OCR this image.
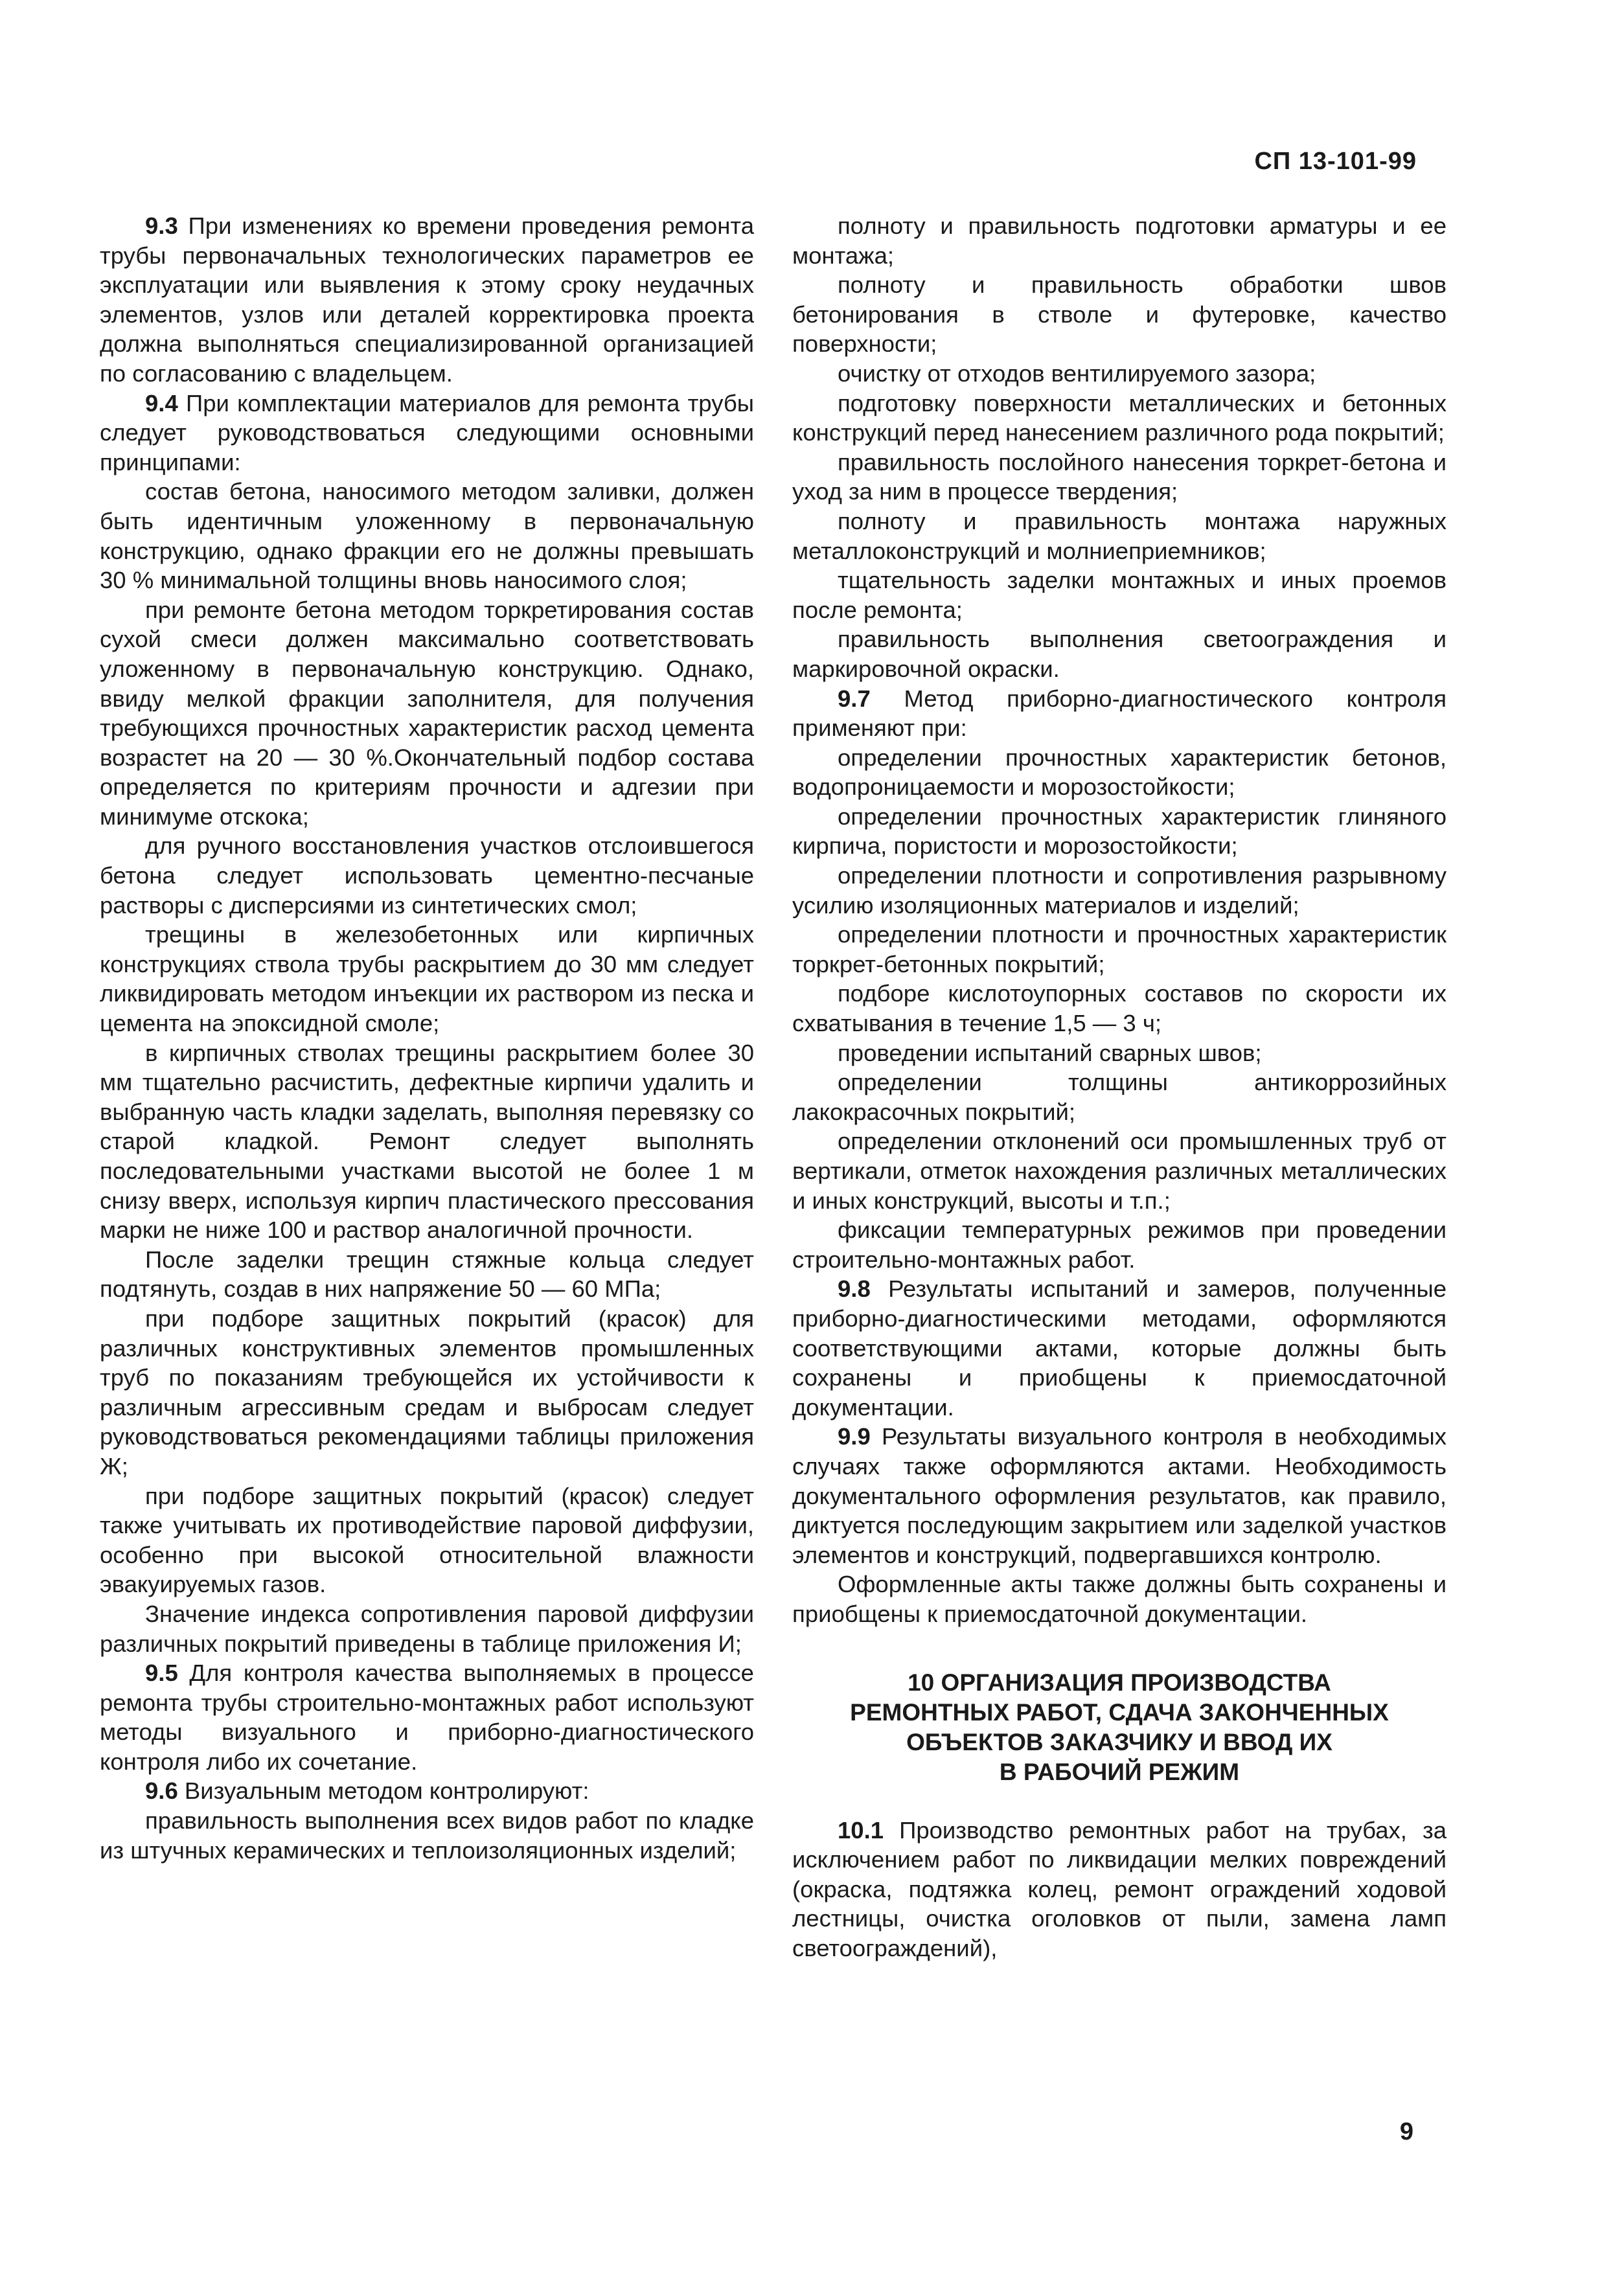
СП 13-101-99

9.3 При изменениях ко времени проведения ремонта трубы первоначальных технологических параметров ее эксплуатации или выявления к этому сроку неудачных элементов, узлов или деталей корректировка проекта должна выполняться специализированной организацией по согласованию с владельцем.

9.4 При комплектации материалов для ремонта трубы следует руководствоваться следующими основными принципами:

состав бетона, наносимого методом заливки, должен быть идентичным уложенному в первоначальную конструкцию, однако фракции его не должны превышать 30 % минимальной толщины вновь наносимого слоя;

при ремонте бетона методом торкретирования состав сухой смеси должен максимально соответствовать уложенному в первоначальную конструкцию. Однако, ввиду мелкой фракции заполнителя, для получения требующихся прочностных характеристик расход цемента возрастет на 20 — 30 %.Окончательный подбор состава определяется по критериям прочности и адгезии при минимуме отскока;

для ручного восстановления участков отслоившегося бетона следует использовать цементно-песчаные растворы с дисперсиями из синтетических смол;

трещины в железобетонных или кирпичных конструкциях ствола трубы раскрытием до 30 мм следует ликвидировать методом инъекции их раствором из песка и цемента на эпоксидной смоле;

в кирпичных стволах трещины раскрытием более 30 мм тщательно расчистить, дефектные кирпичи удалить и выбранную часть кладки заделать, выполняя перевязку со старой кладкой. Ремонт следует выполнять последовательными участками высотой не более 1 м снизу вверх, используя кирпич пластического прессования марки не ниже 100 и раствор аналогичной прочности.

После заделки трещин стяжные кольца следует подтянуть, создав в них напряжение 50 — 60 МПа;

при подборе защитных покрытий (красок) для различных конструктивных элементов промышленных труб по показаниям требующейся их устойчивости к различным агрессивным средам и выбросам следует руководствоваться рекомендациями таблицы приложения Ж;

при подборе защитных покрытий (красок) следует также учитывать их противодействие паровой диффузии, особенно при высокой относительной влажности эвакуируемых газов.

Значение индекса сопротивления паровой диффузии различных покрытий приведены в таблице приложения И;

9.5 Для контроля качества выполняемых в процессе ремонта трубы строительно-монтажных работ используют методы визуального и приборно-диагностического контроля либо их сочетание.

9.6 Визуальным методом контролируют:

правильность выполнения всех видов работ по кладке из штучных керамических и теплоизоляционных изделий;

полноту и правильность подготовки арматуры и ее монтажа;

полноту и правильность обработки швов бетонирования в стволе и футеровке, качество поверхности;

очистку от отходов вентилируемого зазора;

подготовку поверхности металлических и бетонных конструкций перед нанесением различного рода покрытий;

правильность послойного нанесения торкрет-бетона и уход за ним в процессе твердения;

полноту и правильность монтажа наружных металлоконструкций и молниеприемников;

тщательность заделки монтажных и иных проемов после ремонта;

правильность выполнения светоограждения и маркировочной окраски.

9.7 Метод приборно-диагностического контроля применяют при:

определении прочностных характеристик бетонов, водопроницаемости и морозостойкости;

определении прочностных характеристик глиняного кирпича, пористости и морозостойкости;

определении плотности и сопротивления разрывному усилию изоляционных материалов и изделий;

определении плотности и прочностных характеристик торкрет-бетонных покрытий;

подборе кислотоупорных составов по скорости их схватывания в течение 1,5 — 3 ч;

проведении испытаний сварных швов;

определении толщины антикоррозийных лакокрасочных покрытий;

определении отклонений оси промышленных труб от вертикали, отметок нахождения различных металлических и иных конструкций, высоты и т.п.;

фиксации температурных режимов при проведении строительно-монтажных работ.

9.8 Результаты испытаний и замеров, полученные приборно-диагностическими методами, оформляются соответствующими актами, которые должны быть сохранены и приобщены к приемосдаточной документации.

9.9 Результаты визуального контроля в необходимых случаях также оформляются актами. Необходимость документального оформления результатов, как правило, диктуется последующим закрытием или заделкой участков элементов и конструкций, подвергавшихся контролю.

Оформленные акты также должны быть сохранены и приобщены к приемосдаточной документации.

10 ОРГАНИЗАЦИЯ ПРОИЗВОДСТВА
РЕМОНТНЫХ РАБОТ, СДАЧА ЗАКОНЧЕННЫХ
ОБЪЕКТОВ ЗАКАЗЧИКУ И ВВОД ИХ
В РАБОЧИЙ РЕЖИМ

10.1 Производство ремонтных работ на трубах, за исключением работ по ликвидации мелких повреждений (окраска, подтяжка колец, ремонт ограждений ходовой лестницы, очистка оголовков от пыли, замена ламп светоограждений),

9
